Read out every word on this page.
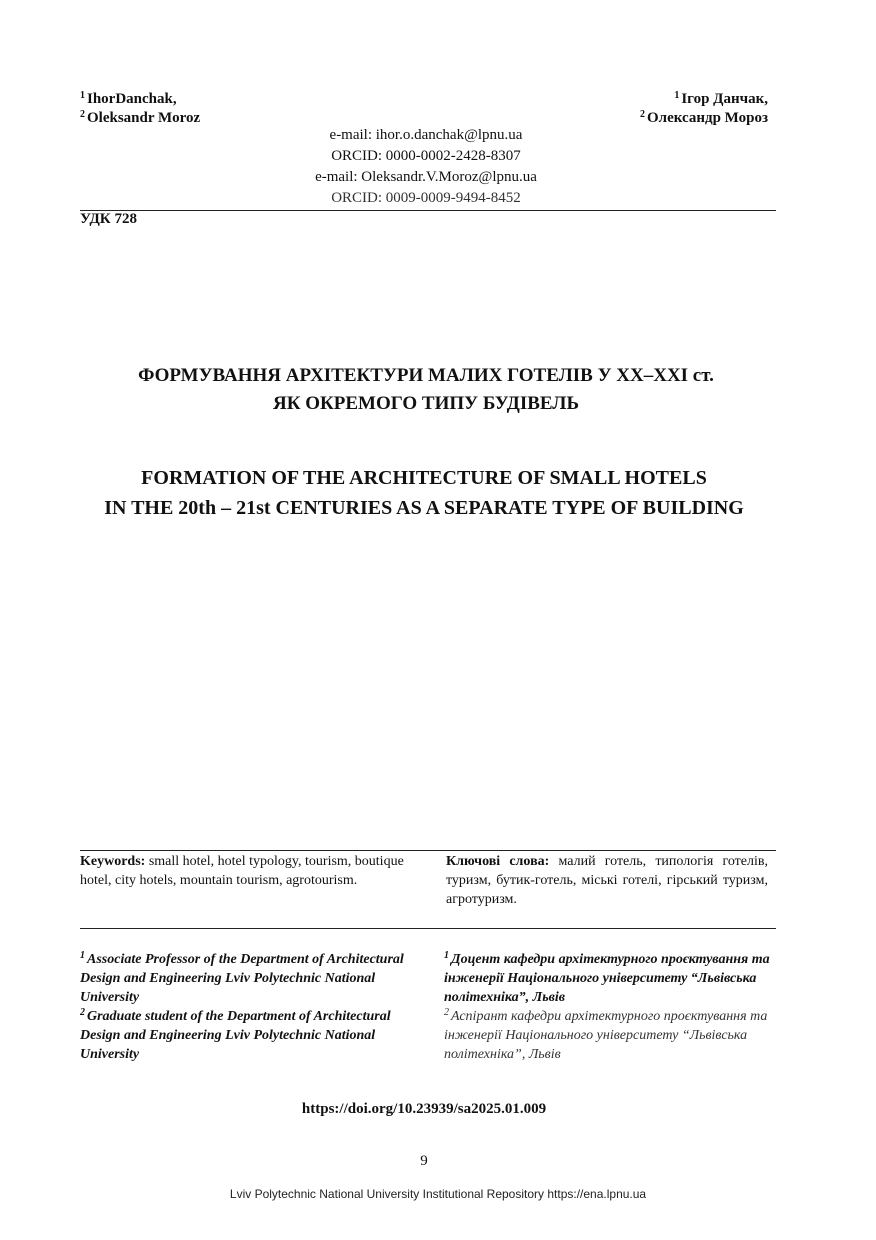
$^1$ IhorDanchak,
$^2$ Oleksandr Moroz
$^1$ Ігор Данчак,
$^2$ Олександр Мороз
e-mail: ihor.o.danchak@lpnu.ua
ORCID: 0000-0002-2428-8307
e-mail: Oleksandr.V.Moroz@lpnu.ua
ORCID: 0009-0009-9494-8452
УДК 728
ФОРМУВАННЯ АРХІТЕКТУРИ МАЛИХ ГОТЕЛІВ У XX–XXI ст.
ЯК ОКРЕМОГО ТИПУ БУДІВЕЛЬ
FORMATION OF THE ARCHITECTURE OF SMALL HOTELS
IN THE 20th – 21st CENTURIES AS A SEPARATE TYPE OF BUILDING
Keywords: small hotel, hotel typology, tourism, boutique hotel, city hotels, mountain tourism, agrotourism.
Ключові слова: малий готель, типологія готелів, туризм, бутик-готель, міські готелі, гірський туризм, агротуризм.
$^1$ Associate Professor of the Department of Architectural Design and Engineering Lviv Polytechnic National University
$^2$ Graduate student of the Department of Architectural Design and Engineering Lviv Polytechnic National University
$^1$ Доцент кафедри архітектурного проєктування та інженерії Національного університету “Львівська політехніка”, Львів
$^2$ Аспірант кафедри архітектурного проєктування та інженерії Національного університету “Львівська політехніка”, Львів
https://doi.org/10.23939/sa2025.01.009
9
Lviv Polytechnic National University Institutional Repository https://ena.lpnu.ua
